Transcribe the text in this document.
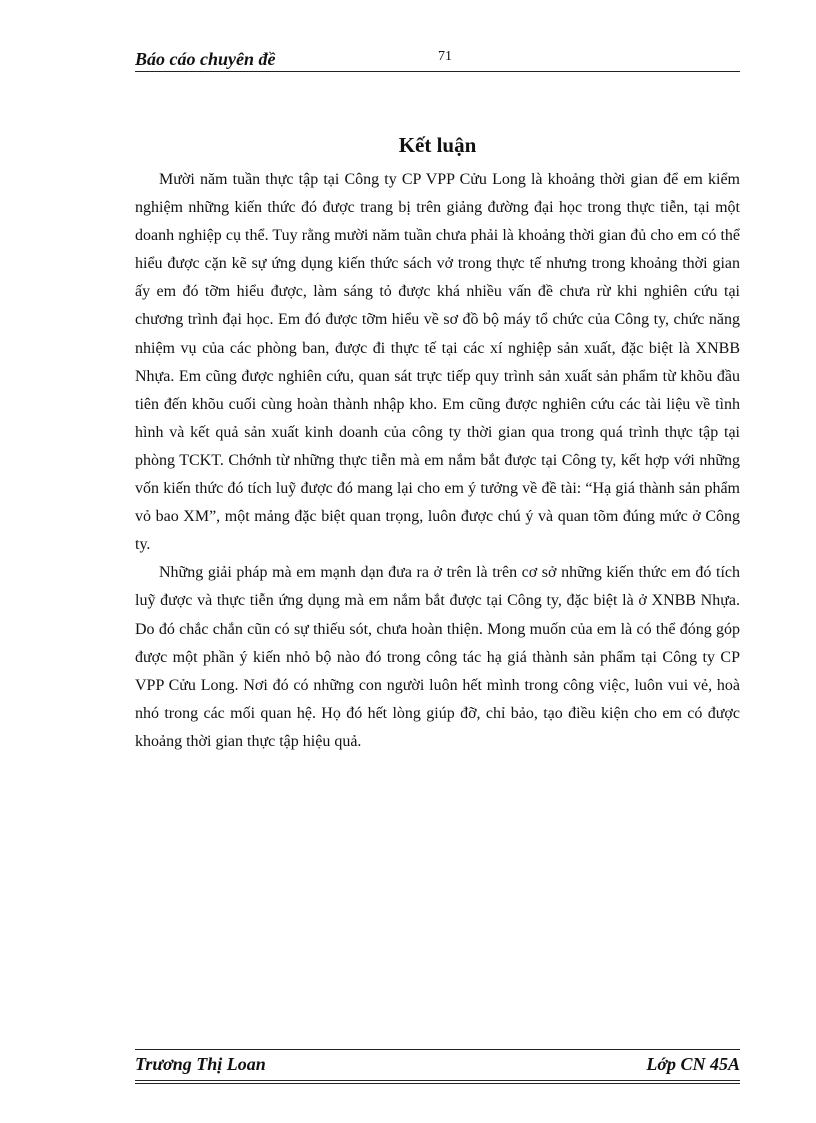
Báo cáo chuyên đề	71
Kết luận

Mười năm tuần thực tập tại Công ty CP VPP Cửu Long là khoảng thời gian để em kiểm nghiệm những kiến thức đó được trang bị trên giảng đường đại học trong thực tiễn, tại một doanh nghiệp cụ thể. Tuy rằng mười năm tuần chưa phải là khoảng thời gian đủ cho em có thể hiểu được cặn kẽ sự ứng dụng kiến thức sách vở trong thực tế nhưng trong khoảng thời gian ấy em đó tỡm hiểu được, làm sáng tỏ được khá nhiều vấn đề chưa rừ khi nghiên cứu tại chương trình đại học. Em đó được tỡm hiểu về sơ đồ bộ máy tổ chức của Công ty, chức năng nhiệm vụ của các phòng ban, được đi thực tế tại các xí nghiệp sản xuất, đặc biệt là XNBB Nhựa. Em cũng được nghiên cứu, quan sát trực tiếp quy trình sản xuất sản phẩm từ khõu đầu tiên đến khõu cuối cùng hoàn thành nhập kho. Em cũng được nghiên cứu các tài liệu về tình hình và kết quả sản xuất kinh doanh của công ty thời gian qua trong quá trình thực tập tại phòng TCKT. Chớnh từ những thực tiễn mà em nắm bắt được tại Công ty, kết hợp với những vốn kiến thức đó tích luỹ được đó mang lại cho em ý tưởng về đề tài: “Hạ giá thành sản phẩm vỏ bao XM”, một mảng đặc biệt quan trọng, luôn được chú ý và quan tõm đúng mức ở Công ty.

Những giải pháp mà em mạnh dạn đưa ra ở trên là trên cơ sở những kiến thức em đó tích luỹ được và thực tiễn ứng dụng mà em nắm bắt được tại Công ty, đặc biệt là ở XNBB Nhựa. Do đó chắc chắn cũn có sự thiếu sót, chưa hoàn thiện. Mong muốn của em là có thể đóng góp được một phần ý kiến nhỏ bộ nào đó trong công tác hạ giá thành sản phẩm tại Công ty CP VPP Cửu Long. Nơi đó có những con người luôn hết mình trong công việc, luôn vui vẻ, hoà nhó trong các mối quan hệ. Họ đó hết lòng giúp đỡ, chỉ bảo, tạo điều kiện cho em có được khoảng thời gian thực tập hiệu quả.

Trương Thị Loan	Lớp CN 45A
